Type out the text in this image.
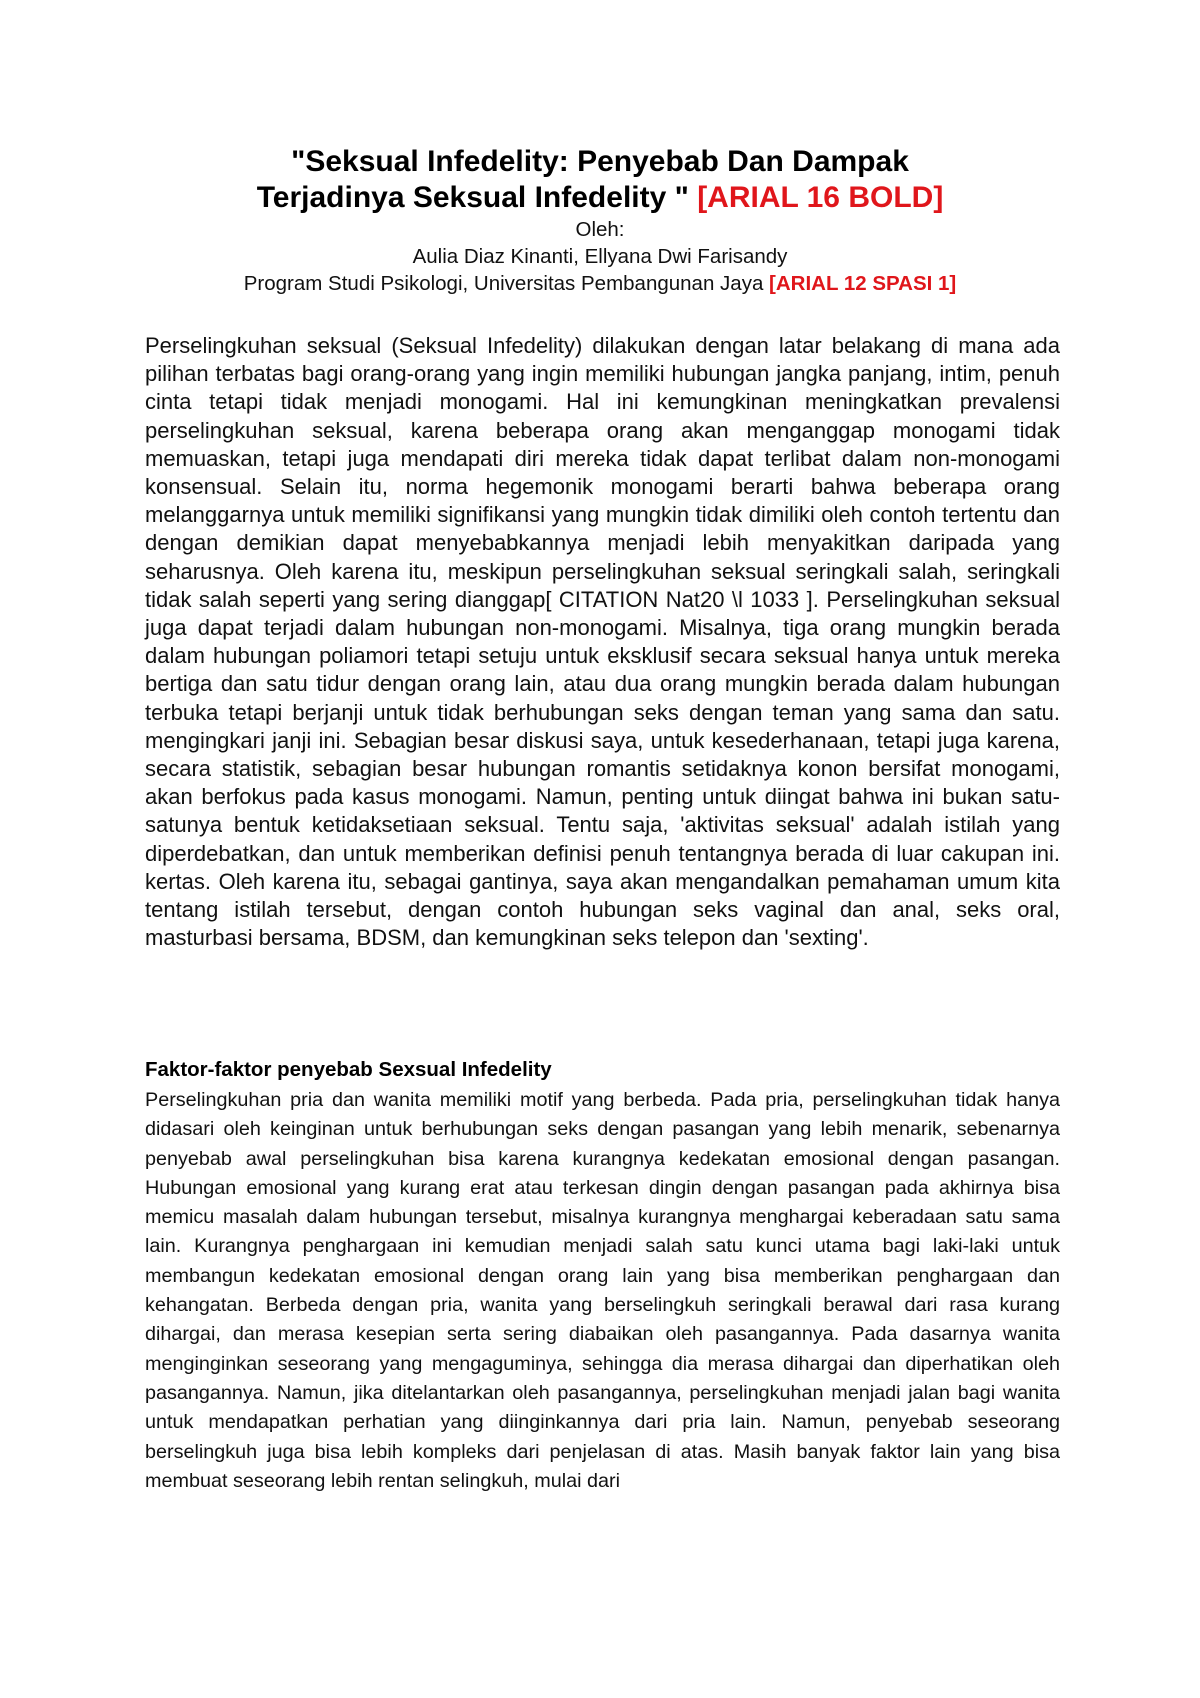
"Seksual Infedelity: Penyebab Dan Dampak
Terjadinya Seksual Infedelity " [ARIAL 16 BOLD]
Oleh:
Aulia Diaz Kinanti, Ellyana Dwi Farisandy
Program Studi Psikologi, Universitas Pembangunan Jaya [ARIAL 12 SPASI 1]

Perselingkuhan seksual (Seksual Infedelity) dilakukan dengan latar belakang di mana ada pilihan terbatas bagi orang-orang yang ingin memiliki hubungan jangka panjang, intim, penuh cinta tetapi tidak menjadi monogami. Hal ini kemungkinan meningkatkan prevalensi perselingkuhan seksual, karena beberapa orang akan menganggap monogami tidak memuaskan, tetapi juga mendapati diri mereka tidak dapat terlibat dalam non-monogami konsensual. Selain itu, norma hegemonik monogami berarti bahwa beberapa orang melanggarnya untuk memiliki signifikansi yang mungkin tidak dimiliki oleh contoh tertentu dan dengan demikian dapat menyebabkannya menjadi lebih menyakitkan daripada yang seharusnya. Oleh karena itu, meskipun perselingkuhan seksual seringkali salah, seringkali tidak salah seperti yang sering dianggap[ CITATION Nat20 \l 1033 ]. Perselingkuhan seksual juga dapat terjadi dalam hubungan non-monogami. Misalnya, tiga orang mungkin berada dalam hubungan poliamori tetapi setuju untuk eksklusif secara seksual hanya untuk mereka bertiga dan satu tidur dengan orang lain, atau dua orang mungkin berada dalam hubungan terbuka tetapi berjanji untuk tidak berhubungan seks dengan teman yang sama dan satu. mengingkari janji ini. Sebagian besar diskusi saya, untuk kesederhanaan, tetapi juga karena, secara statistik, sebagian besar hubungan romantis setidaknya konon bersifat monogami, akan berfokus pada kasus monogami. Namun, penting untuk diingat bahwa ini bukan satu-satunya bentuk ketidaksetiaan seksual. Tentu saja, 'aktivitas seksual' adalah istilah yang diperdebatkan, dan untuk memberikan definisi penuh tentangnya berada di luar cakupan ini. kertas. Oleh karena itu, sebagai gantinya, saya akan mengandalkan pemahaman umum kita tentang istilah tersebut, dengan contoh hubungan seks vaginal dan anal, seks oral, masturbasi bersama, BDSM, dan kemungkinan seks telepon dan 'sexting'.

Faktor-faktor penyebab Sexsual Infedelity

Perselingkuhan pria dan wanita memiliki motif yang berbeda. Pada pria, perselingkuhan tidak hanya didasari oleh keinginan untuk berhubungan seks dengan pasangan yang lebih menarik, sebenarnya penyebab awal perselingkuhan bisa karena kurangnya kedekatan emosional dengan pasangan. Hubungan emosional yang kurang erat atau terkesan dingin dengan pasangan pada akhirnya bisa memicu masalah dalam hubungan tersebut, misalnya kurangnya menghargai keberadaan satu sama lain. Kurangnya penghargaan ini kemudian menjadi salah satu kunci utama bagi laki-laki untuk membangun kedekatan emosional dengan orang lain yang bisa memberikan penghargaan dan kehangatan. Berbeda dengan pria, wanita yang berselingkuh seringkali berawal dari rasa kurang dihargai, dan merasa kesepian serta sering diabaikan oleh pasangannya. Pada dasarnya wanita menginginkan seseorang yang mengaguminya, sehingga dia merasa dihargai dan diperhatikan oleh pasangannya. Namun, jika ditelantarkan oleh pasangannya, perselingkuhan menjadi jalan bagi wanita untuk mendapatkan perhatian yang diinginkannya dari pria lain. Namun, penyebab seseorang berselingkuh juga bisa lebih kompleks dari penjelasan di atas. Masih banyak faktor lain yang bisa membuat seseorang lebih rentan selingkuh, mulai dari
